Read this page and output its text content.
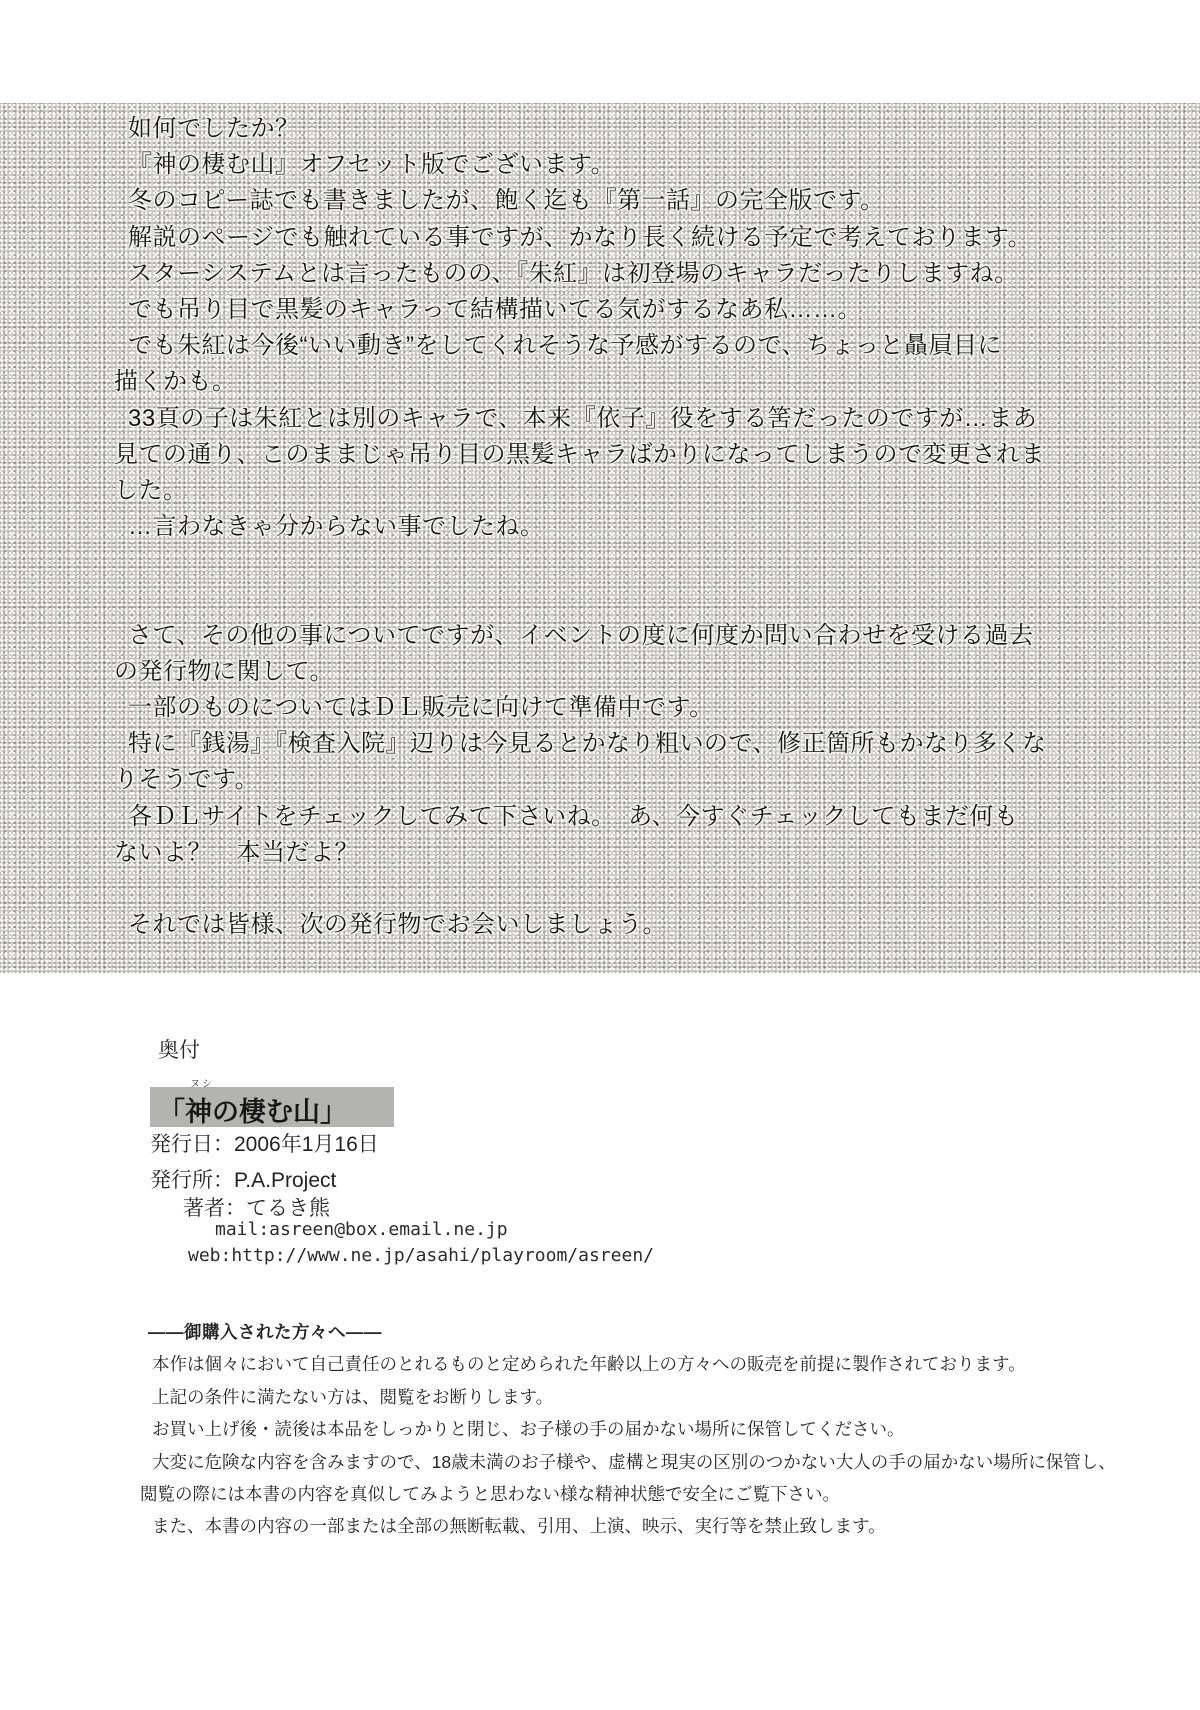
如何でしたか？
『神の棲む山』オフセット版でございます。
冬のコピー誌でも書きましたが、飽く迄も『第一話』の完全版です。
解説のページでも触れている事ですが、かなり長く続ける予定で考えております。
スターシステムとは言ったものの、『朱紅』は初登場のキャラだったりしますね。
でも吊り目で黒髪のキャラって結構描いてる気がするなあ私……。
でも朱紅は今後“いい動き”をしてくれそうな予感がするので、ちょっと贔屓目に
描くかも。
33頁の子は朱紅とは別のキャラで、本来『依子』役をする筈だったのですが…まあ
見ての通り、このままじゃ吊り目の黒髪キャラばかりになってしまうので変更されま
した。
…言わなきゃ分からない事でしたね。

さて、その他の事についてですが、イベントの度に何度か問い合わせを受ける過去
の発行物に関して。
一部のものについてはＤＬ販売に向けて準備中です。
特に『銭湯』『検査入院』辺りは今見るとかなり粗いので、修正箇所もかなり多くな
りそうです。
各ＤＬサイトをチェックしてみて下さいね。　あ、今すぐチェックしてもまだ何も
ないよ？　本当だよ？

それでは皆様、次の発行物でお会いしましょう。
奥付
ヌシ
「神の棲む山」
発行日：2006年1月16日
発行所：P.A.Project
著者：てるき熊
mail:asreen@box.email.ne.jp
web:http://www.ne.jp/asahi/playroom/asreen/
――御購入された方々へ――
本作は個々において自己責任のとれるものと定められた年齢以上の方々への販売を前提に製作されております。
上記の条件に満たない方は、閲覧をお断りします。
お買い上げ後・読後は本品をしっかりと閉じ、お子様の手の届かない場所に保管してください。
大変に危険な内容を含みますので、18歳未満のお子様や、虚構と現実の区別のつかない大人の手の届かない場所に保管し、
閲覧の際には本書の内容を真似してみようと思わない様な精神状態で安全にご覧下さい。
また、本書の内容の一部または全部の無断転載、引用、上演、映示、実行等を禁止致します。
